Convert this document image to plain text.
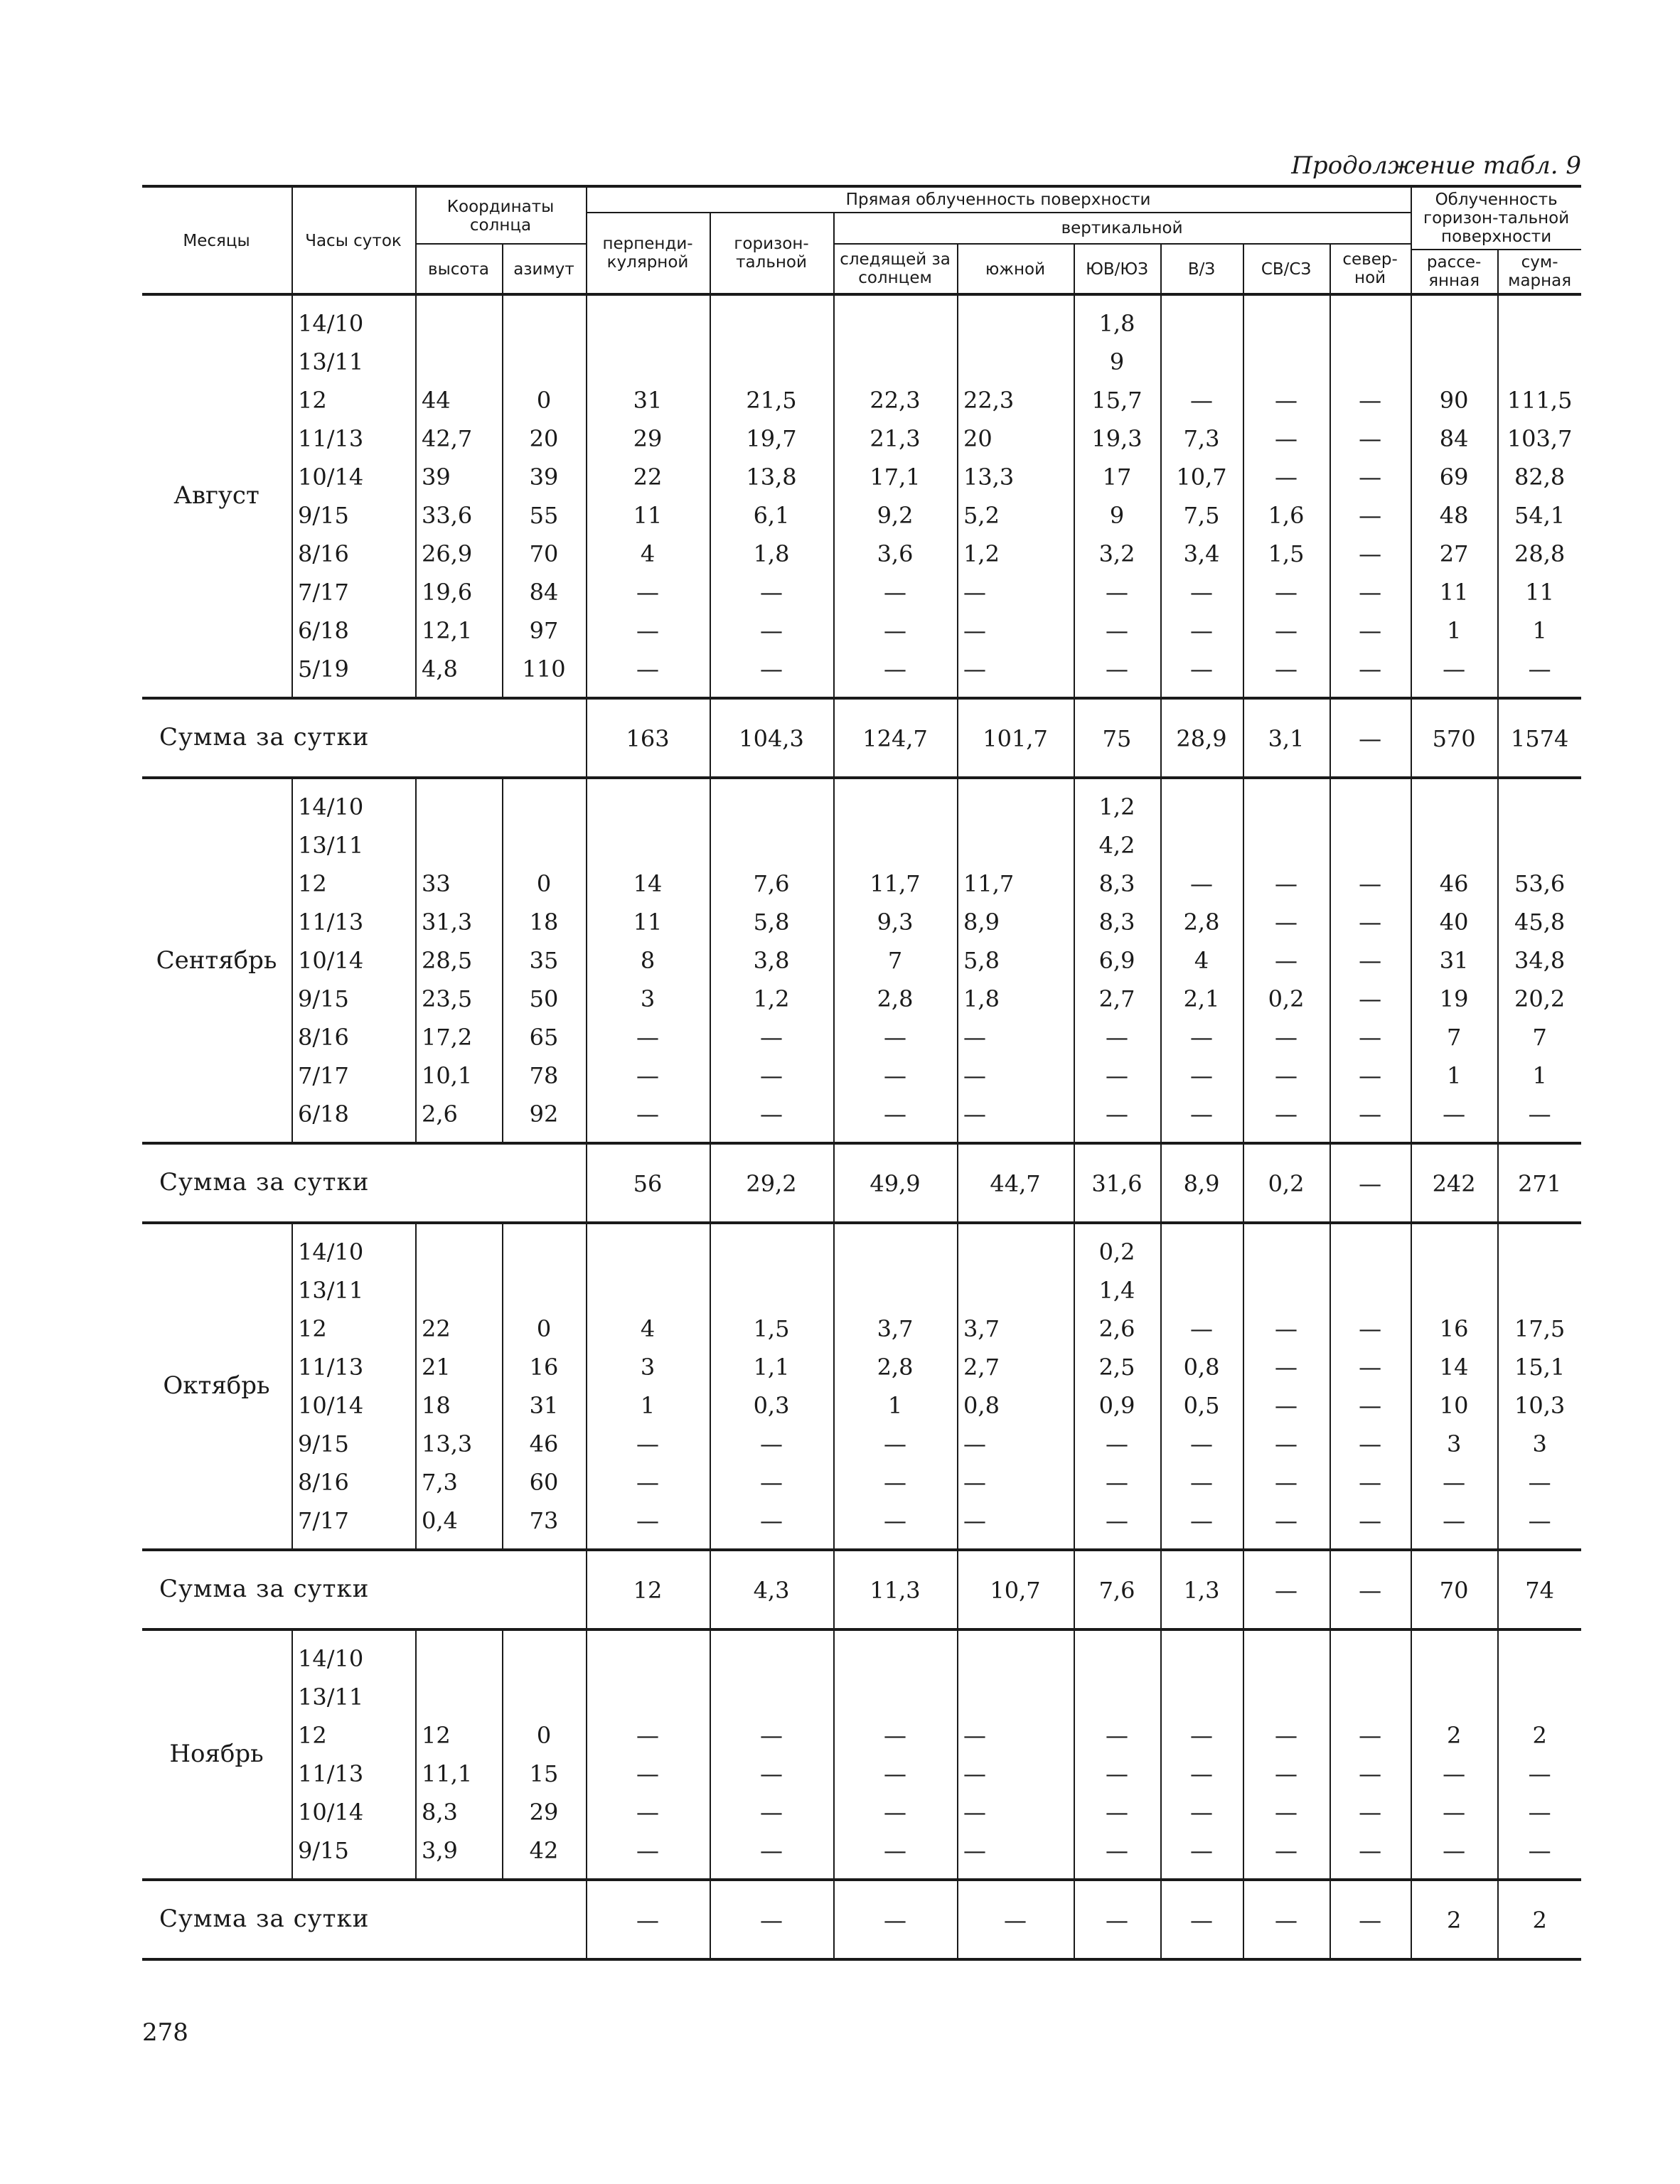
Продолжение табл. 9
Месяцы	Часы суток	Координаты солнца		Прямая облученность поверхности								Облученность горизон-тальной поверхности	
				перпенди-кулярной	горизон-тальной	вертикальной							
		высота	азимут			следящей за солнцем	южной	ЮВ/ЮЗ	В/З	СВ/СЗ	север-ной		
												рассе-янная	сум-марная
Август													
	14/10							1,8					
	13/11							9					
	12	44	0	31	21,5	22,3	22,3	15,7	—	—	—	90	111,5
	11/13	42,7	20	29	19,7	21,3	20	19,3	7,3	—	—	84	103,7
	10/14	39	39	22	13,8	17,1	13,3	17	10,7	—	—	69	82,8
	9/15	33,6	55	11	6,1	9,2	5,2	9	7,5	1,6	—	48	54,1
	8/16	26,9	70	4	1,8	3,6	1,2	3,2	3,4	1,5	—	27	28,8
	7/17	19,6	84	—	—	—	—	—	—	—	—	11	11
	6/18	12,1	97	—	—	—	—	—	—	—	—	1	1
	5/19	4,8	110	—	—	—	—	—	—	—	—	—	—

Сумма за сутки				163	104,3	124,7	101,7	75	28,9	3,1	—	570	1574
Сентябрь													
	14/10							1,2					
	13/11							4,2					
	12	33	0	14	7,6	11,7	11,7	8,3	—	—	—	46	53,6
	11/13	31,3	18	11	5,8	9,3	8,9	8,3	2,8	—	—	40	45,8
	10/14	28,5	35	8	3,8	7	5,8	6,9	4	—	—	31	34,8
	9/15	23,5	50	3	1,2	2,8	1,8	2,7	2,1	0,2	—	19	20,2
	8/16	17,2	65	—	—	—	—	—	—	—	—	7	7
	7/17	10,1	78	—	—	—	—	—	—	—	—	1	1
	6/18	2,6	92	—	—	—	—	—	—	—	—	—	—

Сумма за сутки				56	29,2	49,9	44,7	31,6	8,9	0,2	—	242	271
Октябрь													
	14/10							0,2					
	13/11							1,4					
	12	22	0	4	1,5	3,7	3,7	2,6	—	—	—	16	17,5
	11/13	21	16	3	1,1	2,8	2,7	2,5	0,8	—	—	14	15,1
	10/14	18	31	1	0,3	1	0,8	0,9	0,5	—	—	10	10,3
	9/15	13,3	46	—	—	—	—	—	—	—	—	3	3
	8/16	7,3	60	—	—	—	—	—	—	—	—	—	—
	7/17	0,4	73	—	—	—	—	—	—	—	—	—	—

Сумма за сутки				12	4,3	11,3	10,7	7,6	1,3	—	—	70	74
Ноябрь													
	14/10												
	13/11												
	12	12	0	—	—	—	—	—	—	—	—	2	2
	11/13	11,1	15	—	—	—	—	—	—	—	—	—	—
	10/14	8,3	29	—	—	—	—	—	—	—	—	—	—
	9/15	3,9	42	—	—	—	—	—	—	—	—	—	—

Сумма за сутки				—	—	—	—	—	—	—	—	2	2
278
